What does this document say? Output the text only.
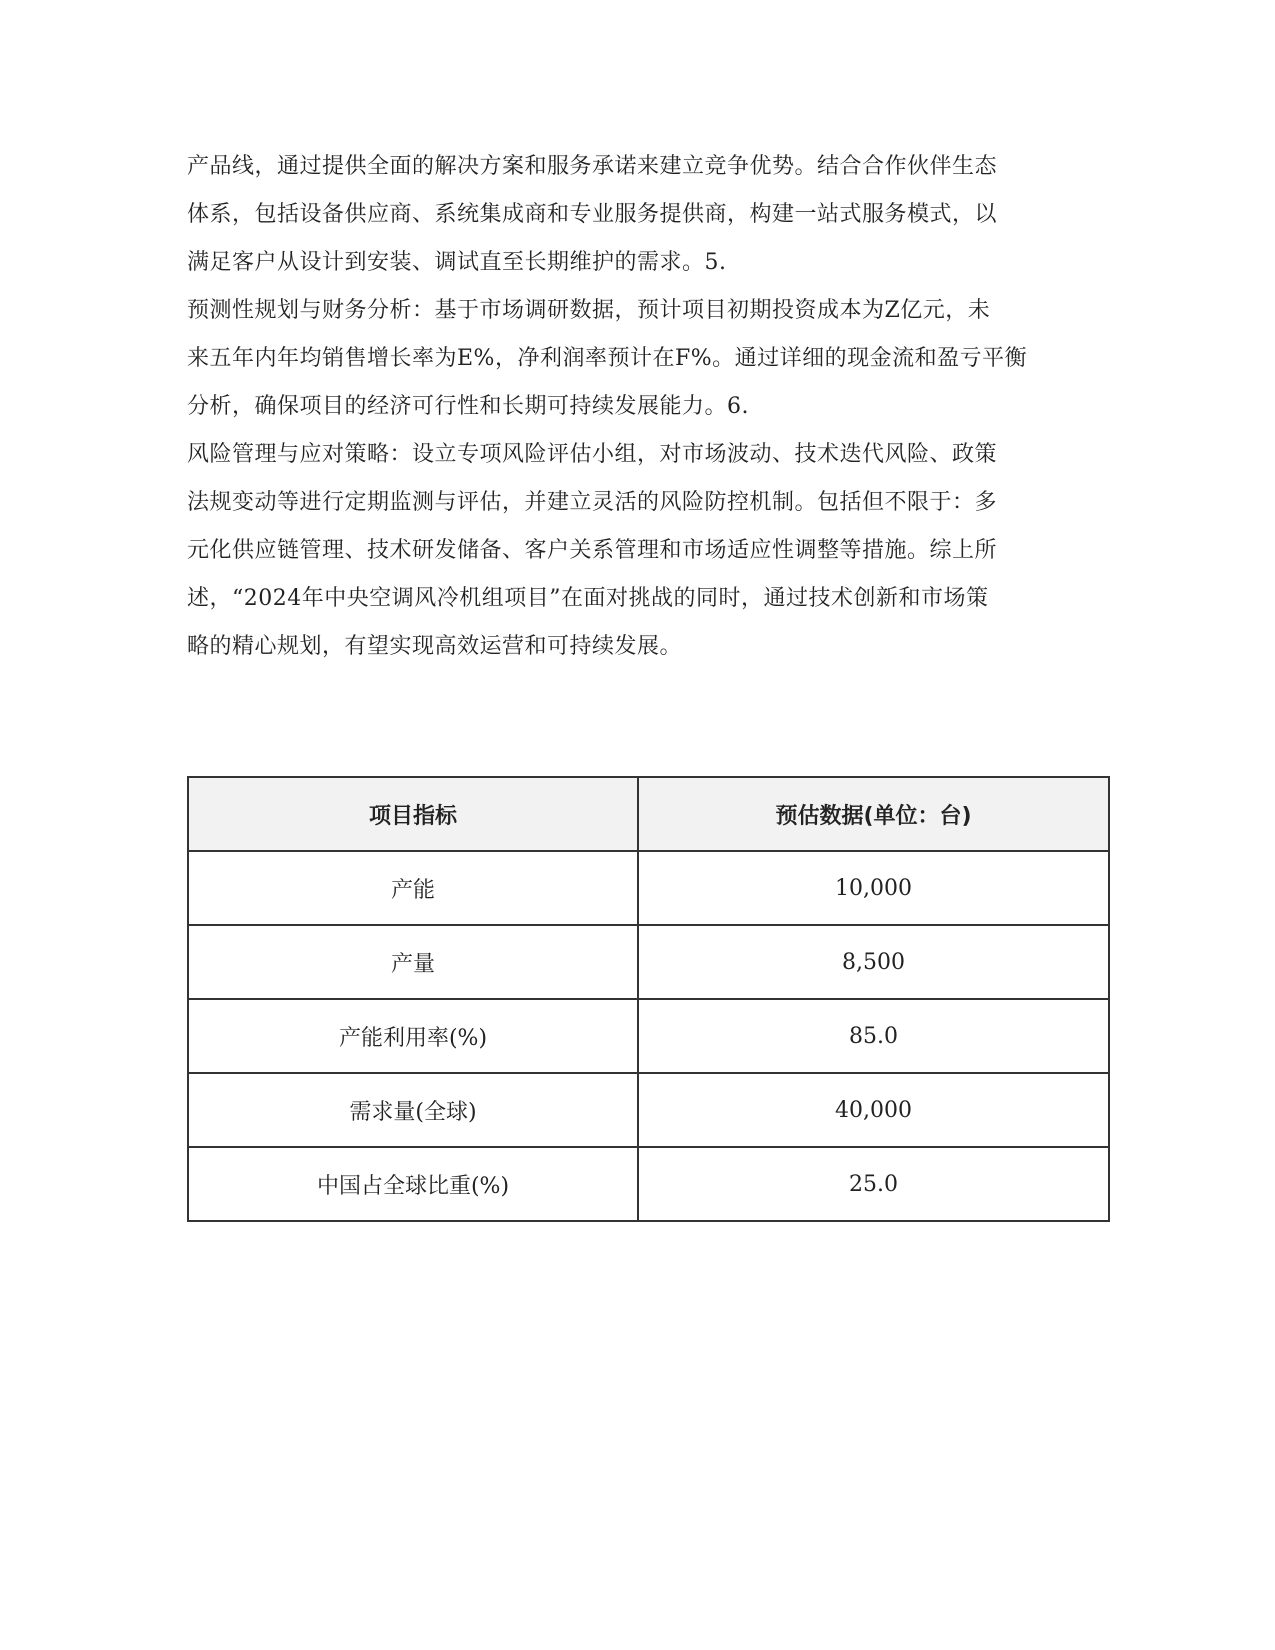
产品线，通过提供全面的解决方案和服务承诺来建立竞争优势。结合合作伙伴生态
体系，包括设备供应商、系统集成商和专业服务提供商，构建一站式服务模式，以
满足客户从设计到安装、调试直至长期维护的需求。5.
预测性规划与财务分析：基于市场调研数据，预计项目初期投资成本为Z亿元，未
来五年内年均销售增长率为E%，净利润率预计在F%。通过详细的现金流和盈亏平衡
分析，确保项目的经济可行性和长期可持续发展能力。6.
风险管理与应对策略：设立专项风险评估小组，对市场波动、技术迭代风险、政策
法规变动等进行定期监测与评估，并建立灵活的风险防控机制。包括但不限于：多
元化供应链管理、技术研发储备、客户关系管理和市场适应性调整等措施。综上所
述，“2024年中央空调风冷机组项目”在面对挑战的同时，通过技术创新和市场策
略的精心规划，有望实现高效运营和可持续发展。
项目指标	预估数据(单位：台)
产能	10,000
产量	8,500
产能利用率(%)	85.0
需求量(全球)	40,000
中国占全球比重(%)	25.0
